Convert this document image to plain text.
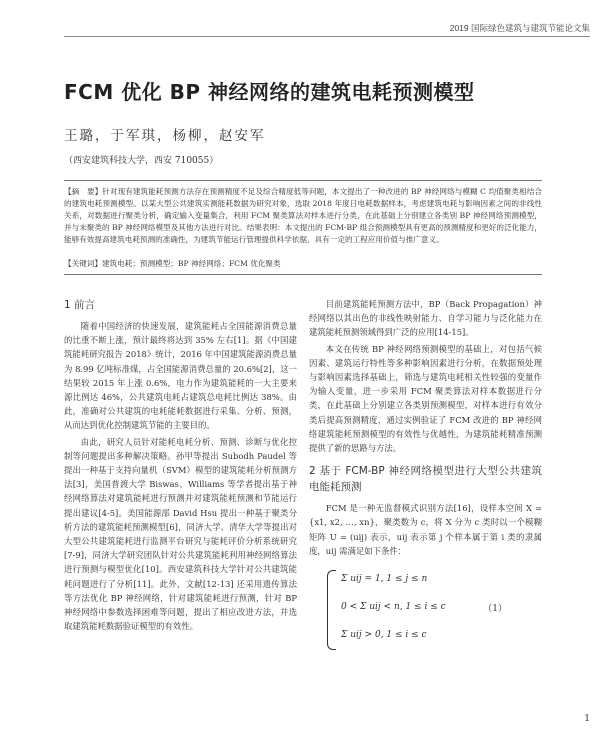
2019 国际绿色建筑与建筑节能论文集
FCM 优化 BP 神经网络的建筑电耗预测模型
王璐，于军琪，杨柳，赵安军
（西安建筑科技大学，西安 710055）
【摘　要】针对现有建筑能耗预测方法存在预测精度不足及综合精度低等问题，本文提出了一种改进的 BP 神经网络与模糊 C 均值聚类相结合的建筑电耗预测模型。以某大型公共建筑实测能耗数据为研究对象，选取 2018 年度日电耗数据样本，考虑建筑电耗与影响因素之间的非线性关系，对数据进行聚类分析，确定输入变量集合，利用 FCM 聚类算法对样本进行分类，在此基础上分别建立各类别 BP 神经网络预测模型，并与未聚类的 BP 神经网络模型及其他方法进行对比。结果表明：本文提出的 FCM-BP 组合预测模型具有更高的预测精度和更好的泛化能力，能够有效提高建筑电耗预测的准确性，为建筑节能运行管理提供科学依据，具有一定的工程应用价值与推广意义。
【关键词】建筑电耗；预测模型；BP 神经网络；FCM 优化聚类
1 前言

随着中国经济的快速发展，建筑能耗占全国能源消费总量的比重不断上涨，预计最终将达到 35% 左右[1]。据《中国建筑能耗研究报告 2018》统计，2016 年中国建筑能源消费总量为 8.99 亿吨标准煤，占全国能源消费总量的 20.6%[2]，这一结果较 2015 年上涨 0.6%，电力作为建筑能耗的一大主要来源比例达 46%，公共建筑电耗占建筑总电耗比例达 38%。由此，准确对公共建筑的电耗能耗数据进行采集、分析、预测，从而达到优化控制建筑节能的主要目的。

由此，研究人员针对能耗电耗分析、预测、诊断与优化控制等问题提出多种解决策略。孙甲等提出 Subodh Paudel 等提出一种基于支持向量机（SVM）模型的建筑能耗分析预测方法[3]，美国普渡大学 Biswas、Williams 等学者提出基于神经网络算法对建筑能耗进行预测并对建筑能耗预测和节能运行提出建议[4-5]。美国能源部 David Hsu 提出一种基于聚类分析方法的建筑能耗预测模型[6]，同济大学、清华大学等提出对大型公共建筑能耗进行监测平台研究与能耗评价分析系统研究[7-9]，同济大学研究团队针对公共建筑能耗利用神经网络算法进行预测与模型优化[10]。西安建筑科技大学针对公共建筑能耗问题进行了分析[11]。此外，文献[12-13] 还采用遗传算法等方法优化 BP 神经网络，针对建筑能耗进行预测，针对 BP 神经网络中参数选择困难等问题，提出了相应改进方法，并选取建筑能耗数据验证模型的有效性。

目前建筑能耗预测方法中，BP（Back Propagation）神经网络以其出色的非线性映射能力、自学习能力与泛化能力在建筑能耗预测领域得到广泛的应用[14-15]。

本文在传统 BP 神经网络预测模型的基础上，对包括气候因素、建筑运行特性等多种影响因素进行分析，在数据预处理与影响因素选择基础上，筛选与建筑电耗相关性较强的变量作为输入变量，进一步采用 FCM 聚类算法对样本数据进行分类，在此基础上分别建立各类别预测模型，对样本进行有效分类后提高预测精度，通过实例验证了 FCM 改进的 BP 神经网络建筑能耗预测模型的有效性与优越性，为建筑能耗精准预测提供了新的思路与方法。

2 基于 FCM-BP 神经网络模型进行大型公共建筑电能耗预测

FCM 是一种无监督模式识别方法[16]，设样本空间 X = {x1, x2, …, xn}，聚类数为 c，将 X 分为 c 类时以一个模糊矩阵 U = (uij) 表示，uij 表示第 j 个样本属于第 i 类的隶属度，uij 需满足如下条件：

Σ uij = 1, 1 ≤ j ≤ n
0 < Σ uij < n, 1 ≤ i ≤ c
Σ uij > 0, 1 ≤ i ≤ c
（1）
1
